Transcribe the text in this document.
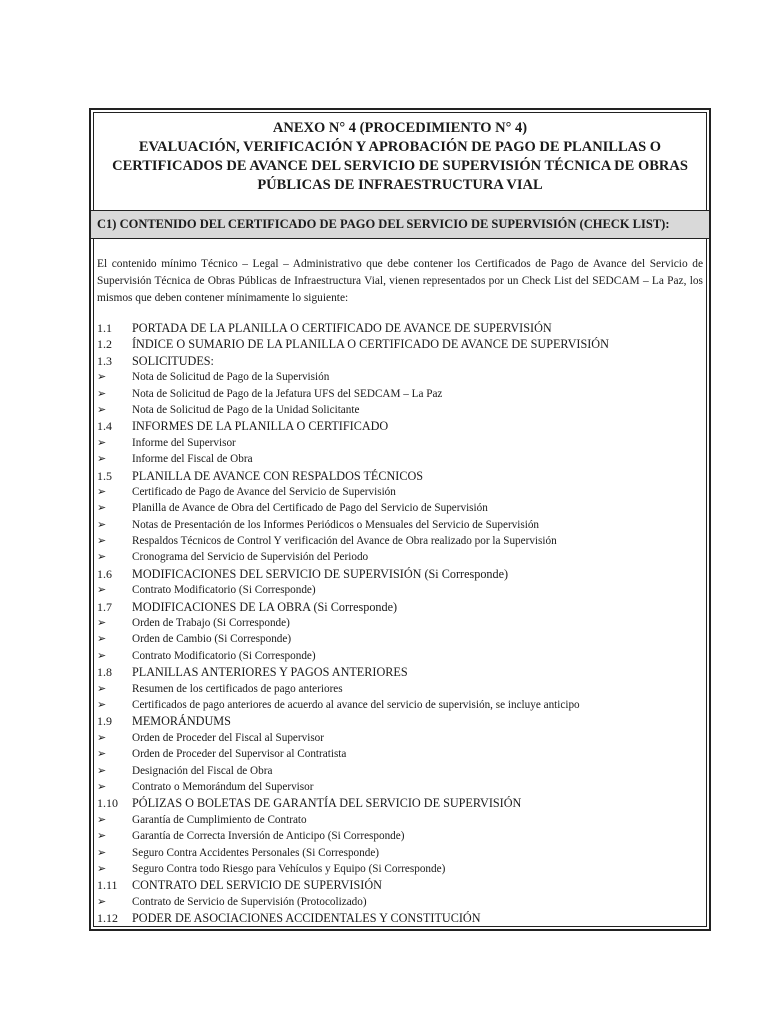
ANEXO N° 4 (PROCEDIMIENTO N° 4)
EVALUACIÓN, VERIFICACIÓN Y APROBACIÓN DE PAGO DE PLANILLAS O
CERTIFICADOS DE AVANCE DEL SERVICIO DE SUPERVISIÓN TÉCNICA DE OBRAS
PÚBLICAS DE INFRAESTRUCTURA VIAL
C1) CONTENIDO DEL CERTIFICADO DE PAGO DEL SERVICIO DE SUPERVISIÓN (CHECK LIST):

El contenido mínimo Técnico – Legal – Administrativo que debe contener los Certificados de Pago de Avance del Servicio de Supervisión Técnica de Obras Públicas de Infraestructura Vial, vienen representados por un Check List del SEDCAM – La Paz, los mismos que deben contener mínimamente lo siguiente:

1.1	PORTADA DE LA PLANILLA O CERTIFICADO DE AVANCE DE SUPERVISIÓN
1.2	ÍNDICE O SUMARIO DE LA PLANILLA O CERTIFICADO DE AVANCE DE SUPERVISIÓN
1.3	SOLICITUDES:
➢	Nota de Solicitud de Pago de la Supervisión
➢	Nota de Solicitud de Pago de la Jefatura UFS del SEDCAM – La Paz
➢	Nota de Solicitud de Pago de la Unidad Solicitante
1.4	INFORMES DE LA PLANILLA O CERTIFICADO
➢	Informe del Supervisor
➢	Informe del Fiscal de Obra
1.5	PLANILLA DE AVANCE CON RESPALDOS TÉCNICOS
➢	Certificado de Pago de Avance del Servicio de Supervisión
➢	Planilla de Avance de Obra del Certificado de Pago del Servicio de Supervisión
➢	Notas de Presentación de los Informes Periódicos o Mensuales del Servicio de Supervisión
➢	Respaldos Técnicos de Control Y verificación del Avance de Obra realizado por la Supervisión
➢	Cronograma del Servicio de Supervisión del Periodo
1.6	MODIFICACIONES DEL SERVICIO DE SUPERVISIÓN (Si Corresponde)
➢	Contrato Modificatorio (Si Corresponde)
1.7	MODIFICACIONES DE LA OBRA (Si Corresponde)
➢	Orden de Trabajo (Si Corresponde)
➢	Orden de Cambio (Si Corresponde)
➢	Contrato Modificatorio (Si Corresponde)
1.8	PLANILLAS ANTERIORES Y PAGOS ANTERIORES
➢	Resumen de los certificados de pago anteriores
➢	Certificados de pago anteriores de acuerdo al avance del servicio de supervisión, se incluye anticipo
1.9	MEMORÁNDUMS
➢	Orden de Proceder del Fiscal al Supervisor
➢	Orden de Proceder del Supervisor al Contratista
➢	Designación del Fiscal de Obra
➢	Contrato o Memorándum del Supervisor
1.10	PÓLIZAS O BOLETAS DE GARANTÍA DEL SERVICIO DE SUPERVISIÓN
➢	Garantía de Cumplimiento de Contrato
➢	Garantía de Correcta Inversión de Anticipo (Si Corresponde)
➢	Seguro Contra Accidentes Personales (Si Corresponde)
➢	Seguro Contra todo Riesgo para Vehículos y Equipo (Si Corresponde)
1.11	CONTRATO DEL SERVICIO DE SUPERVISIÓN
➢	Contrato de Servicio de Supervisión (Protocolizado)
1.12	PODER DE ASOCIACIONES ACCIDENTALES Y CONSTITUCIÓN
